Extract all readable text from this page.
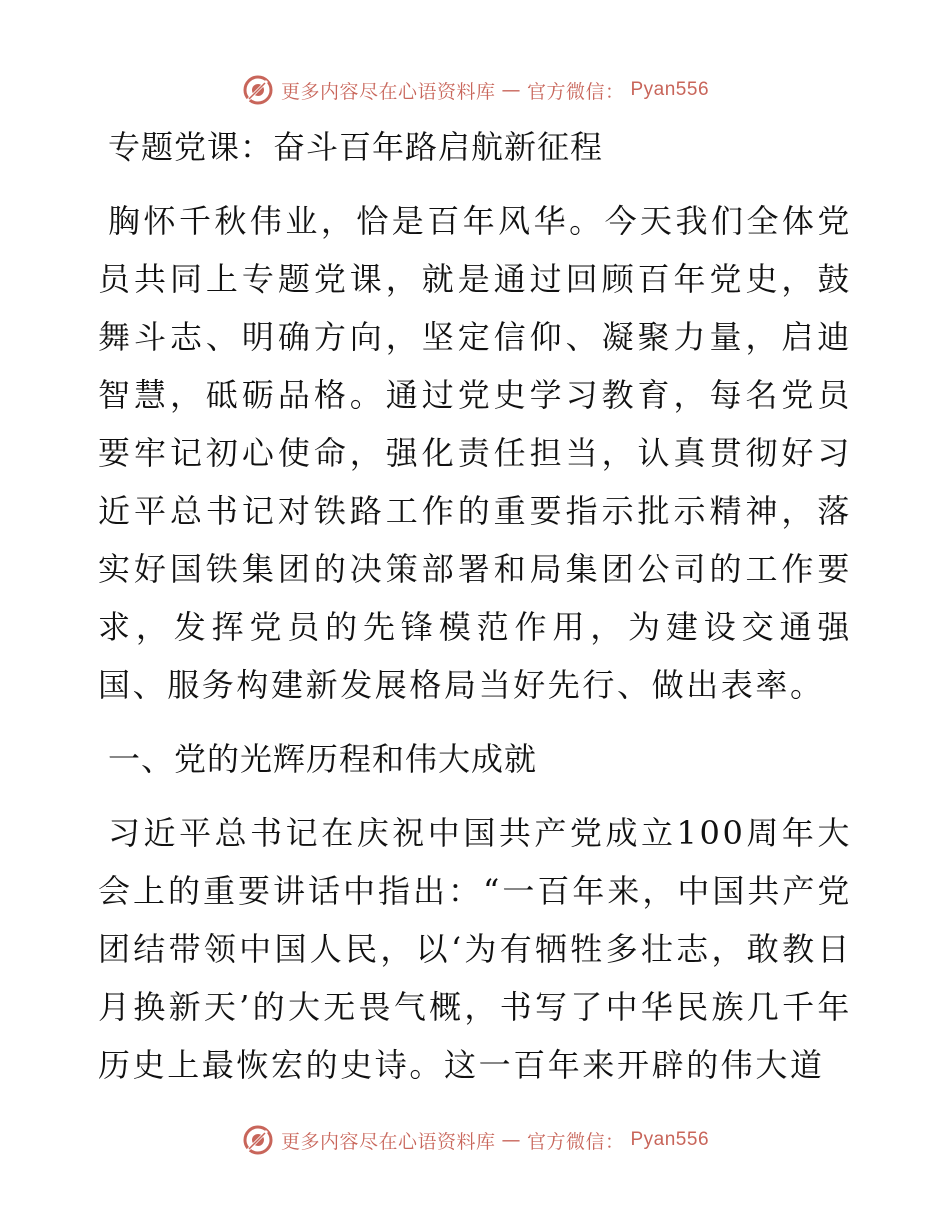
更多内容尽在心语资料库 — 官方微信： Pyan556
专题党课：奋斗百年路启航新征程

胸怀千秋伟业，恰是百年风华。今天我们全体党员共同上专题党课，就是通过回顾百年党史，鼓舞斗志、明确方向，坚定信仰、凝聚力量，启迪智慧，砥砺品格。通过党史学习教育，每名党员要牢记初心使命，强化责任担当，认真贯彻好习近平总书记对铁路工作的重要指示批示精神，落实好国铁集团的决策部署和局集团公司的工作要求，发挥党员的先锋模范作用，为建设交通强国、服务构建新发展格局当好先行、做出表率。

一、党的光辉历程和伟大成就

习近平总书记在庆祝中国共产党成立100周年大会上的重要讲话中指出：“一百年来，中国共产党团结带领中国人民，以‘为有牺牲多壮志，敢教日月换新天’的大无畏气概，书写了中华民族几千年历史上最恢宏的史诗。这一百年来开辟的伟大道

更多内容尽在心语资料库 — 官方微信： Pyan556
